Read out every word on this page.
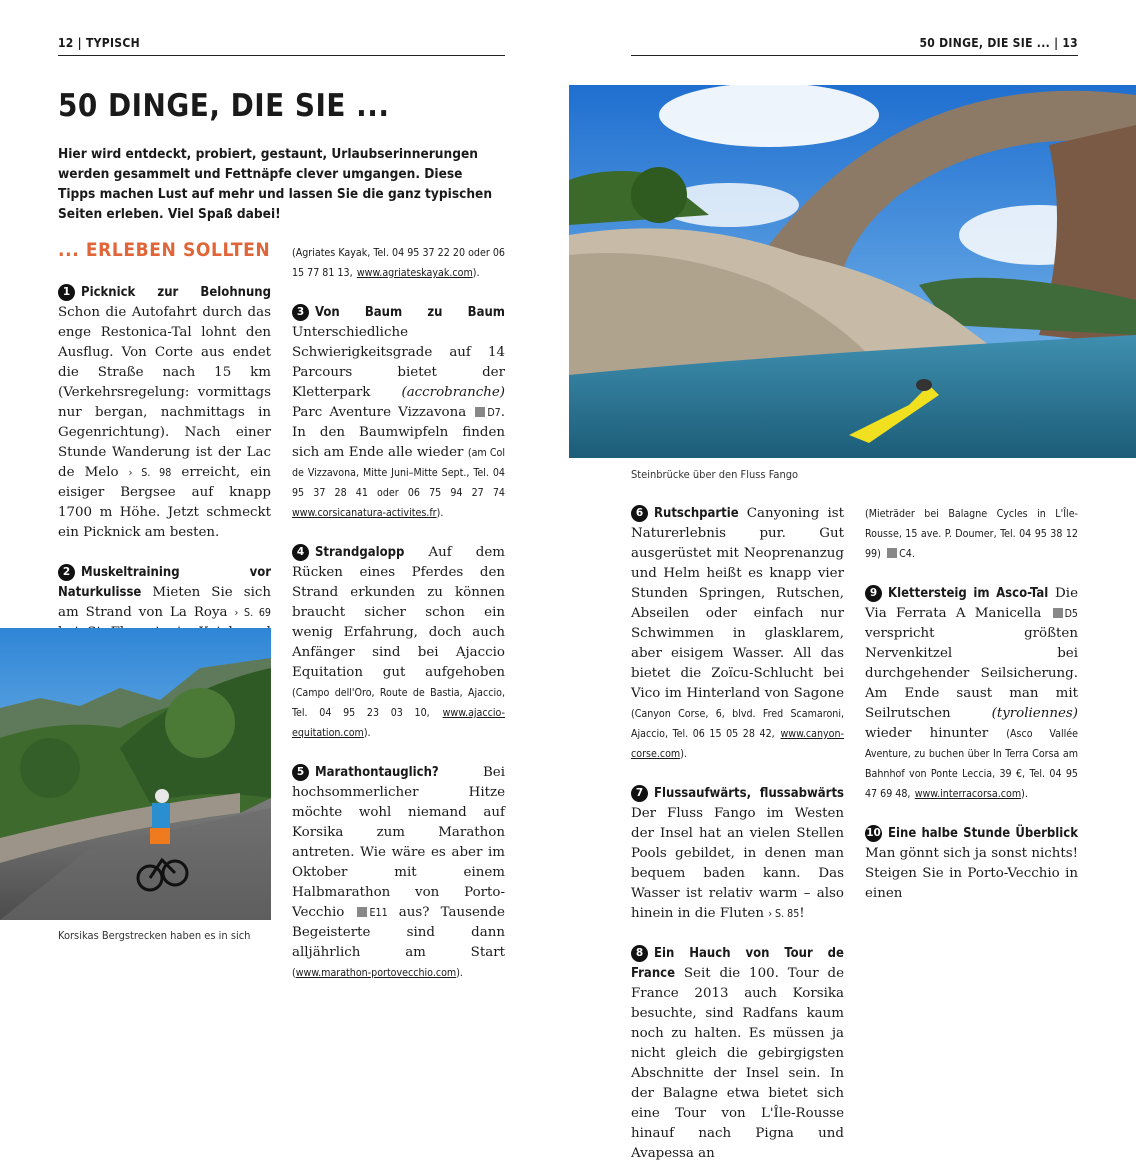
12 | TYPISCH	50 DINGE, DIE SIE ... | 13
50 DINGE, DIE SIE ...
Hier wird entdeckt, probiert, gestaunt, Urlaubserinnerungen werden gesammelt und Fettnäpfe clever umgangen. Diese Tipps machen Lust auf mehr und lassen Sie die ganz typischen Seiten erleben. Viel Spaß dabei!
... ERLEBEN SOLLTEN

1 Picknick zur Belohnung Schon die Autofahrt durch das enge Restonica-Tal lohnt den Ausflug. Von Corte aus endet die Straße nach 15 km (Verkehrsregelung: vormittags nur bergan, nachmittags in Gegenrichtung). Nach einer Stunde Wanderung ist der Lac de Melo › S. 98 erreicht, ein eisiger Bergsee auf knapp 1700 m Höhe. Jetzt schmeckt ein Picknick am besten.

2 Muskeltraining vor Naturkulisse Mieten Sie sich am Strand von La Roya › S. 69

(Agriates Kayak, Tel. 04 95 37 22 20 oder 06 15 77 81 13, www.agriateskayak.com).

3 Von Baum zu Baum Unterschiedliche Schwierigkeitsgrade auf 14 Parcours bietet der Kletterpark (accrobranche) Parc Aventure Vizzavona D7. In den Baumwipfeln finden sich am Ende alle wieder (am Col de Vizzavona, Mitte Juni–Mitte Sept., Tel. 04 95 37 28 41 oder 06 75 94 27 74 www.corsicanatura-activites.fr).

4 Strandgalopp Auf dem Rücken eines Pferdes den Strand erkunden zu können braucht sicher schon ein wenig Erfahrung, doch auch Anfänger sind bei Ajaccio Equitation gut aufgehoben (Campo dell'Oro, Route de Bastia, Ajaccio, Tel. 04 95 23 03 10, www.ajaccio-equitation.com).

5 Marathontauglich?	Bei hochsommerlicher Hitze möchte wohl niemand auf Korsika zum Marathon antreten. Wie wäre es aber im Oktober mit einem Halbmarathon von Porto-Vecchio E11 aus? Tausende Begeisterte sind dann alljährlich am Start (www.marathon-portovecchio.com).

Korsikas Bergstrecken haben es in sich
Steinbrücke über den Fluss Fango

6 Rutschpartie Canyoning ist Naturerlebnis pur. Gut ausgerüstet mit Neoprenanzug und Helm heißt es knapp vier Stunden Springen, Rutschen, Abseilen oder einfach nur Schwimmen in glasklarem, aber eisigem Wasser. All das bietet die Zoïcu-Schlucht bei Vico im Hinterland von Sagone (Canyon Corse, 6, blvd. Fred Scamaroni, Ajaccio, Tel. 06 15 05 28 42, www.canyon-corse.com).

7 Flussaufwärts, flussabwärts Der Fluss Fango im Westen der Insel hat an vielen Stellen Pools gebildet, in denen man bequem baden kann. Das Wasser ist relativ warm – also hinein in die Fluten › S. 85!

8 Ein Hauch von Tour de France Seit die 100. Tour de France 2013 auch Korsika besuchte, sind Radfans kaum noch zu halten. Es müssen ja nicht gleich die gebirgigsten Abschnitte der Insel sein. In der Balagne etwa bietet sich eine Tour von L'Île-Rousse hinauf nach Pigna und Avapessa an

(Mieträder bei Balagne Cycles in L'Île-Rousse, 15 ave. P. Doumer, Tel. 04 95 38 12 99) C4.

9 Klettersteig im Asco-Tal Die Via Ferrata A Manicella D5 verspricht größten Nervenkitzel bei durchgehender Seilsicherung. Am Ende saust man mit Seilrutschen	(tyroliennes) wieder hinunter (Asco Vallée Aventure, zu buchen über In Terra Corsa am Bahnhof von Ponte Leccia, 39 €, Tel. 04 95 47 69 48, www.interracorsa.com).

10 Eine halbe Stunde Überblick Man gönnt sich ja sonst nichts! Steigen Sie in Porto-Vecchio in einen
